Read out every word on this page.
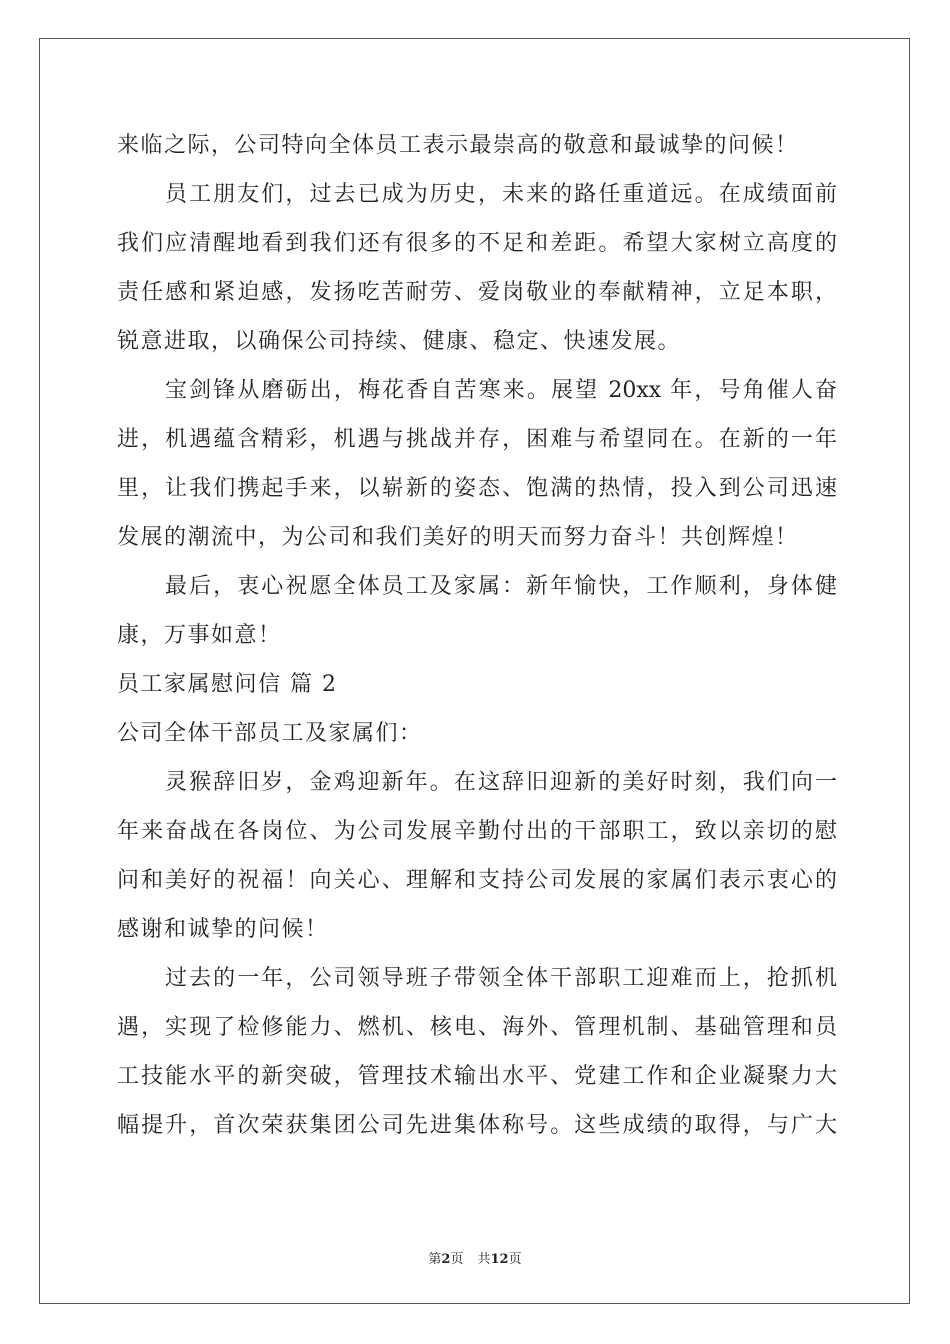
来临之际，公司特向全体员工表示最崇高的敬意和最诚挚的问候！
员工朋友们，过去已成为历史，未来的路任重道远。在成绩面前
我们应清醒地看到我们还有很多的不足和差距。希望大家树立高度的
责任感和紧迫感，发扬吃苦耐劳、爱岗敬业的奉献精神，立足本职，
锐意进取，以确保公司持续、健康、稳定、快速发展。
宝剑锋从磨砺出，梅花香自苦寒来。展望 20xx 年，号角催人奋
进，机遇蕴含精彩，机遇与挑战并存，困难与希望同在。在新的一年
里，让我们携起手来，以崭新的姿态、饱满的热情，投入到公司迅速
发展的潮流中，为公司和我们美好的明天而努力奋斗！共创辉煌！
最后，衷心祝愿全体员工及家属：新年愉快，工作顺利，身体健
康，万事如意！
员工家属慰问信 篇 2
公司全体干部员工及家属们：
灵猴辞旧岁，金鸡迎新年。在这辞旧迎新的美好时刻，我们向一
年来奋战在各岗位、为公司发展辛勤付出的干部职工，致以亲切的慰
问和美好的祝福！向关心、理解和支持公司发展的家属们表示衷心的
感谢和诚挚的问候！
过去的一年，公司领导班子带领全体干部职工迎难而上，抢抓机
遇，实现了检修能力、燃机、核电、海外、管理机制、基础管理和员
工技能水平的新突破，管理技术输出水平、党建工作和企业凝聚力大
幅提升，首次荣获集团公司先进集体称号。这些成绩的取得，与广大
第2页 共12页
